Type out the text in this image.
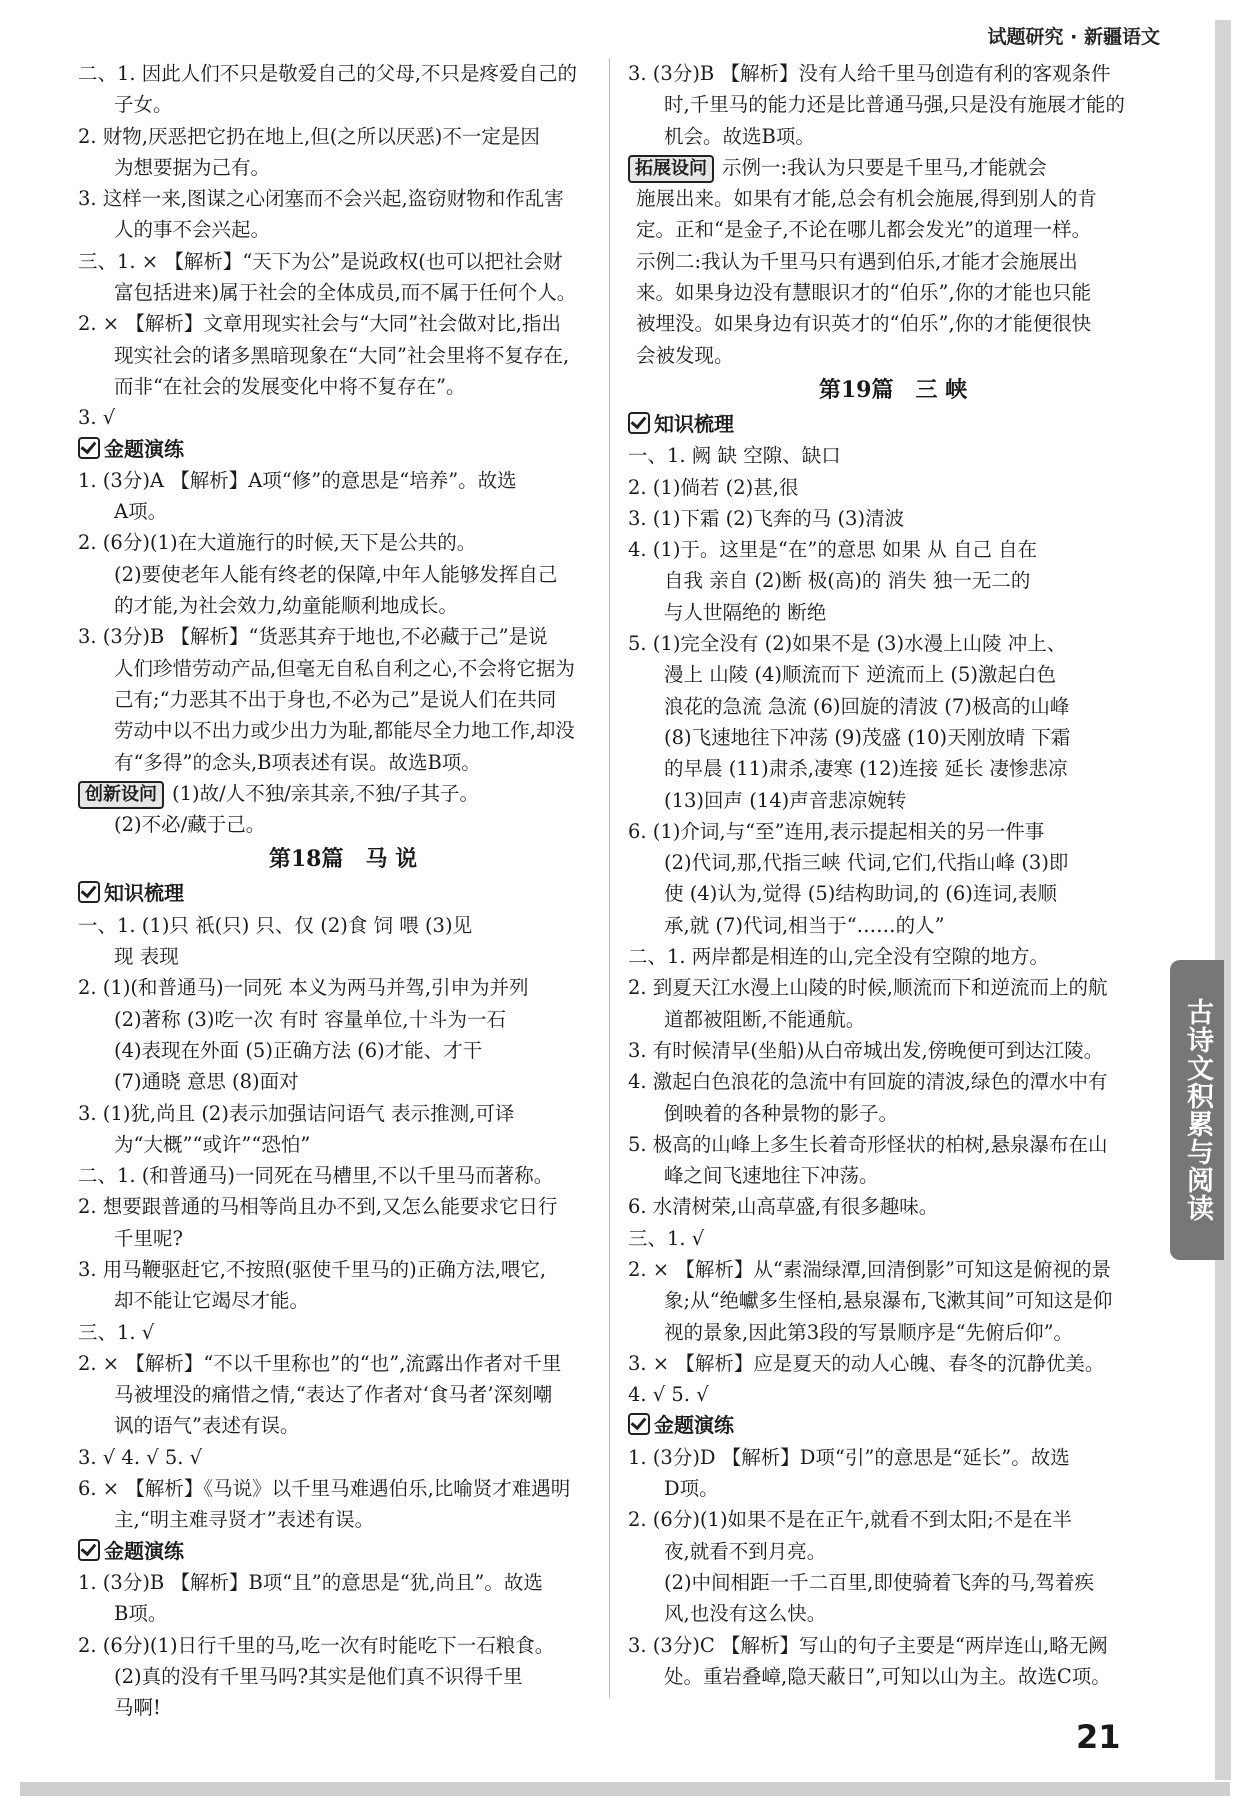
试题研究 · 新疆语文
二、1. 因此人们不只是敬爱自己的父母,不只是疼爱自己的
子女。
2. 财物,厌恶把它扔在地上,但(之所以厌恶)不一定是因
为想要据为己有。
3. 这样一来,图谋之心闭塞而不会兴起,盗窃财物和作乱害
人的事不会兴起。
三、1. × 【解析】“天下为公”是说政权(也可以把社会财
富包括进来)属于社会的全体成员,而不属于任何个人。
2. × 【解析】文章用现实社会与“大同”社会做对比,指出
现实社会的诸多黑暗现象在“大同”社会里将不复存在,
而非“在社会的发展变化中将不复存在”。
3. √
金题演练
1. (3分)A 【解析】A项“修”的意思是“培养”。故选
A项。
2. (6分)(1)在大道施行的时候,天下是公共的。
(2)要使老年人能有终老的保障,中年人能够发挥自己
的才能,为社会效力,幼童能顺利地成长。
3. (3分)B 【解析】“货恶其弃于地也,不必藏于己”是说
人们珍惜劳动产品,但毫无自私自利之心,不会将它据为
己有;“力恶其不出于身也,不必为己”是说人们在共同
劳动中以不出力或少出力为耻,都能尽全力地工作,却没
有“多得”的念头,B项表述有误。故选B项。
创新设问 (1)故/人不独/亲其亲,不独/子其子。
(2)不必/藏于己。
第18篇　马 说
知识梳理
一、1. (1)只 祇(只) 只、仅 (2)食 饲 喂 (3)见
现 表现
2. (1)(和普通马)一同死 本义为两马并驾,引申为并列
(2)著称 (3)吃一次 有时 容量单位,十斗为一石
(4)表现在外面 (5)正确方法 (6)才能、才干
(7)通晓 意思 (8)面对
3. (1)犹,尚且 (2)表示加强诘问语气 表示推测,可译
为“大概”“或许”“恐怕”
二、1. (和普通马)一同死在马槽里,不以千里马而著称。
2. 想要跟普通的马相等尚且办不到,又怎么能要求它日行
千里呢?
3. 用马鞭驱赶它,不按照(驱使千里马的)正确方法,喂它,
却不能让它竭尽才能。
三、1. √
2. × 【解析】“不以千里称也”的“也”,流露出作者对千里
马被埋没的痛惜之情,“表达了作者对‘食马者’深刻嘲
讽的语气”表述有误。
3. √ 4. √ 5. √
6. × 【解析】《马说》以千里马难遇伯乐,比喻贤才难遇明
主,“明主难寻贤才”表述有误。
金题演练
1. (3分)B 【解析】B项“且”的意思是“犹,尚且”。故选
B项。
2. (6分)(1)日行千里的马,吃一次有时能吃下一石粮食。
(2)真的没有千里马吗?其实是他们真不识得千里
马啊!
3. (3分)B 【解析】没有人给千里马创造有利的客观条件
时,千里马的能力还是比普通马强,只是没有施展才能的
机会。故选B项。
拓展设问 示例一:我认为只要是千里马,才能就会
施展出来。如果有才能,总会有机会施展,得到别人的肯
定。正和“是金子,不论在哪儿都会发光”的道理一样。
示例二:我认为千里马只有遇到伯乐,才能才会施展出
来。如果身边没有慧眼识才的“伯乐”,你的才能也只能
被埋没。如果身边有识英才的“伯乐”,你的才能便很快
会被发现。
第19篇　三 峡
知识梳理
一、1. 阙 缺 空隙、缺口
2. (1)倘若 (2)甚,很
3. (1)下霜 (2)飞奔的马 (3)清波
4. (1)于。这里是“在”的意思 如果 从 自己 自在
自我 亲自 (2)断 极(高)的 消失 独一无二的
与人世隔绝的 断绝
5. (1)完全没有 (2)如果不是 (3)水漫上山陵 冲上、
漫上 山陵 (4)顺流而下 逆流而上 (5)激起白色
浪花的急流 急流 (6)回旋的清波 (7)极高的山峰
(8)飞速地往下冲荡 (9)茂盛 (10)天刚放晴 下霜
的早晨 (11)肃杀,凄寒 (12)连接 延长 凄惨悲凉
(13)回声 (14)声音悲凉婉转
6. (1)介词,与“至”连用,表示提起相关的另一件事
(2)代词,那,代指三峡 代词,它们,代指山峰 (3)即
使 (4)认为,觉得 (5)结构助词,的 (6)连词,表顺
承,就 (7)代词,相当于“……的人”
二、1. 两岸都是相连的山,完全没有空隙的地方。
2. 到夏天江水漫上山陵的时候,顺流而下和逆流而上的航
道都被阻断,不能通航。
3. 有时候清早(坐船)从白帝城出发,傍晚便可到达江陵。
4. 激起白色浪花的急流中有回旋的清波,绿色的潭水中有
倒映着的各种景物的影子。
5. 极高的山峰上多生长着奇形怪状的柏树,悬泉瀑布在山
峰之间飞速地往下冲荡。
6. 水清树荣,山高草盛,有很多趣味。
三、1. √
2. × 【解析】从“素湍绿潭,回清倒影”可知这是俯视的景
象;从“绝巘多生怪柏,悬泉瀑布,飞漱其间”可知这是仰
视的景象,因此第3段的写景顺序是“先俯后仰”。
3. × 【解析】应是夏天的动人心魄、春冬的沉静优美。
4. √ 5. √
金题演练
1. (3分)D 【解析】D项“引”的意思是“延长”。故选
D项。
2. (6分)(1)如果不是在正午,就看不到太阳;不是在半
夜,就看不到月亮。
(2)中间相距一千二百里,即使骑着飞奔的马,驾着疾
风,也没有这么快。
3. (3分)C 【解析】写山的句子主要是“两岸连山,略无阙
处。重岩叠嶂,隐天蔽日”,可知以山为主。故选C项。
古诗文积累与阅读
21
